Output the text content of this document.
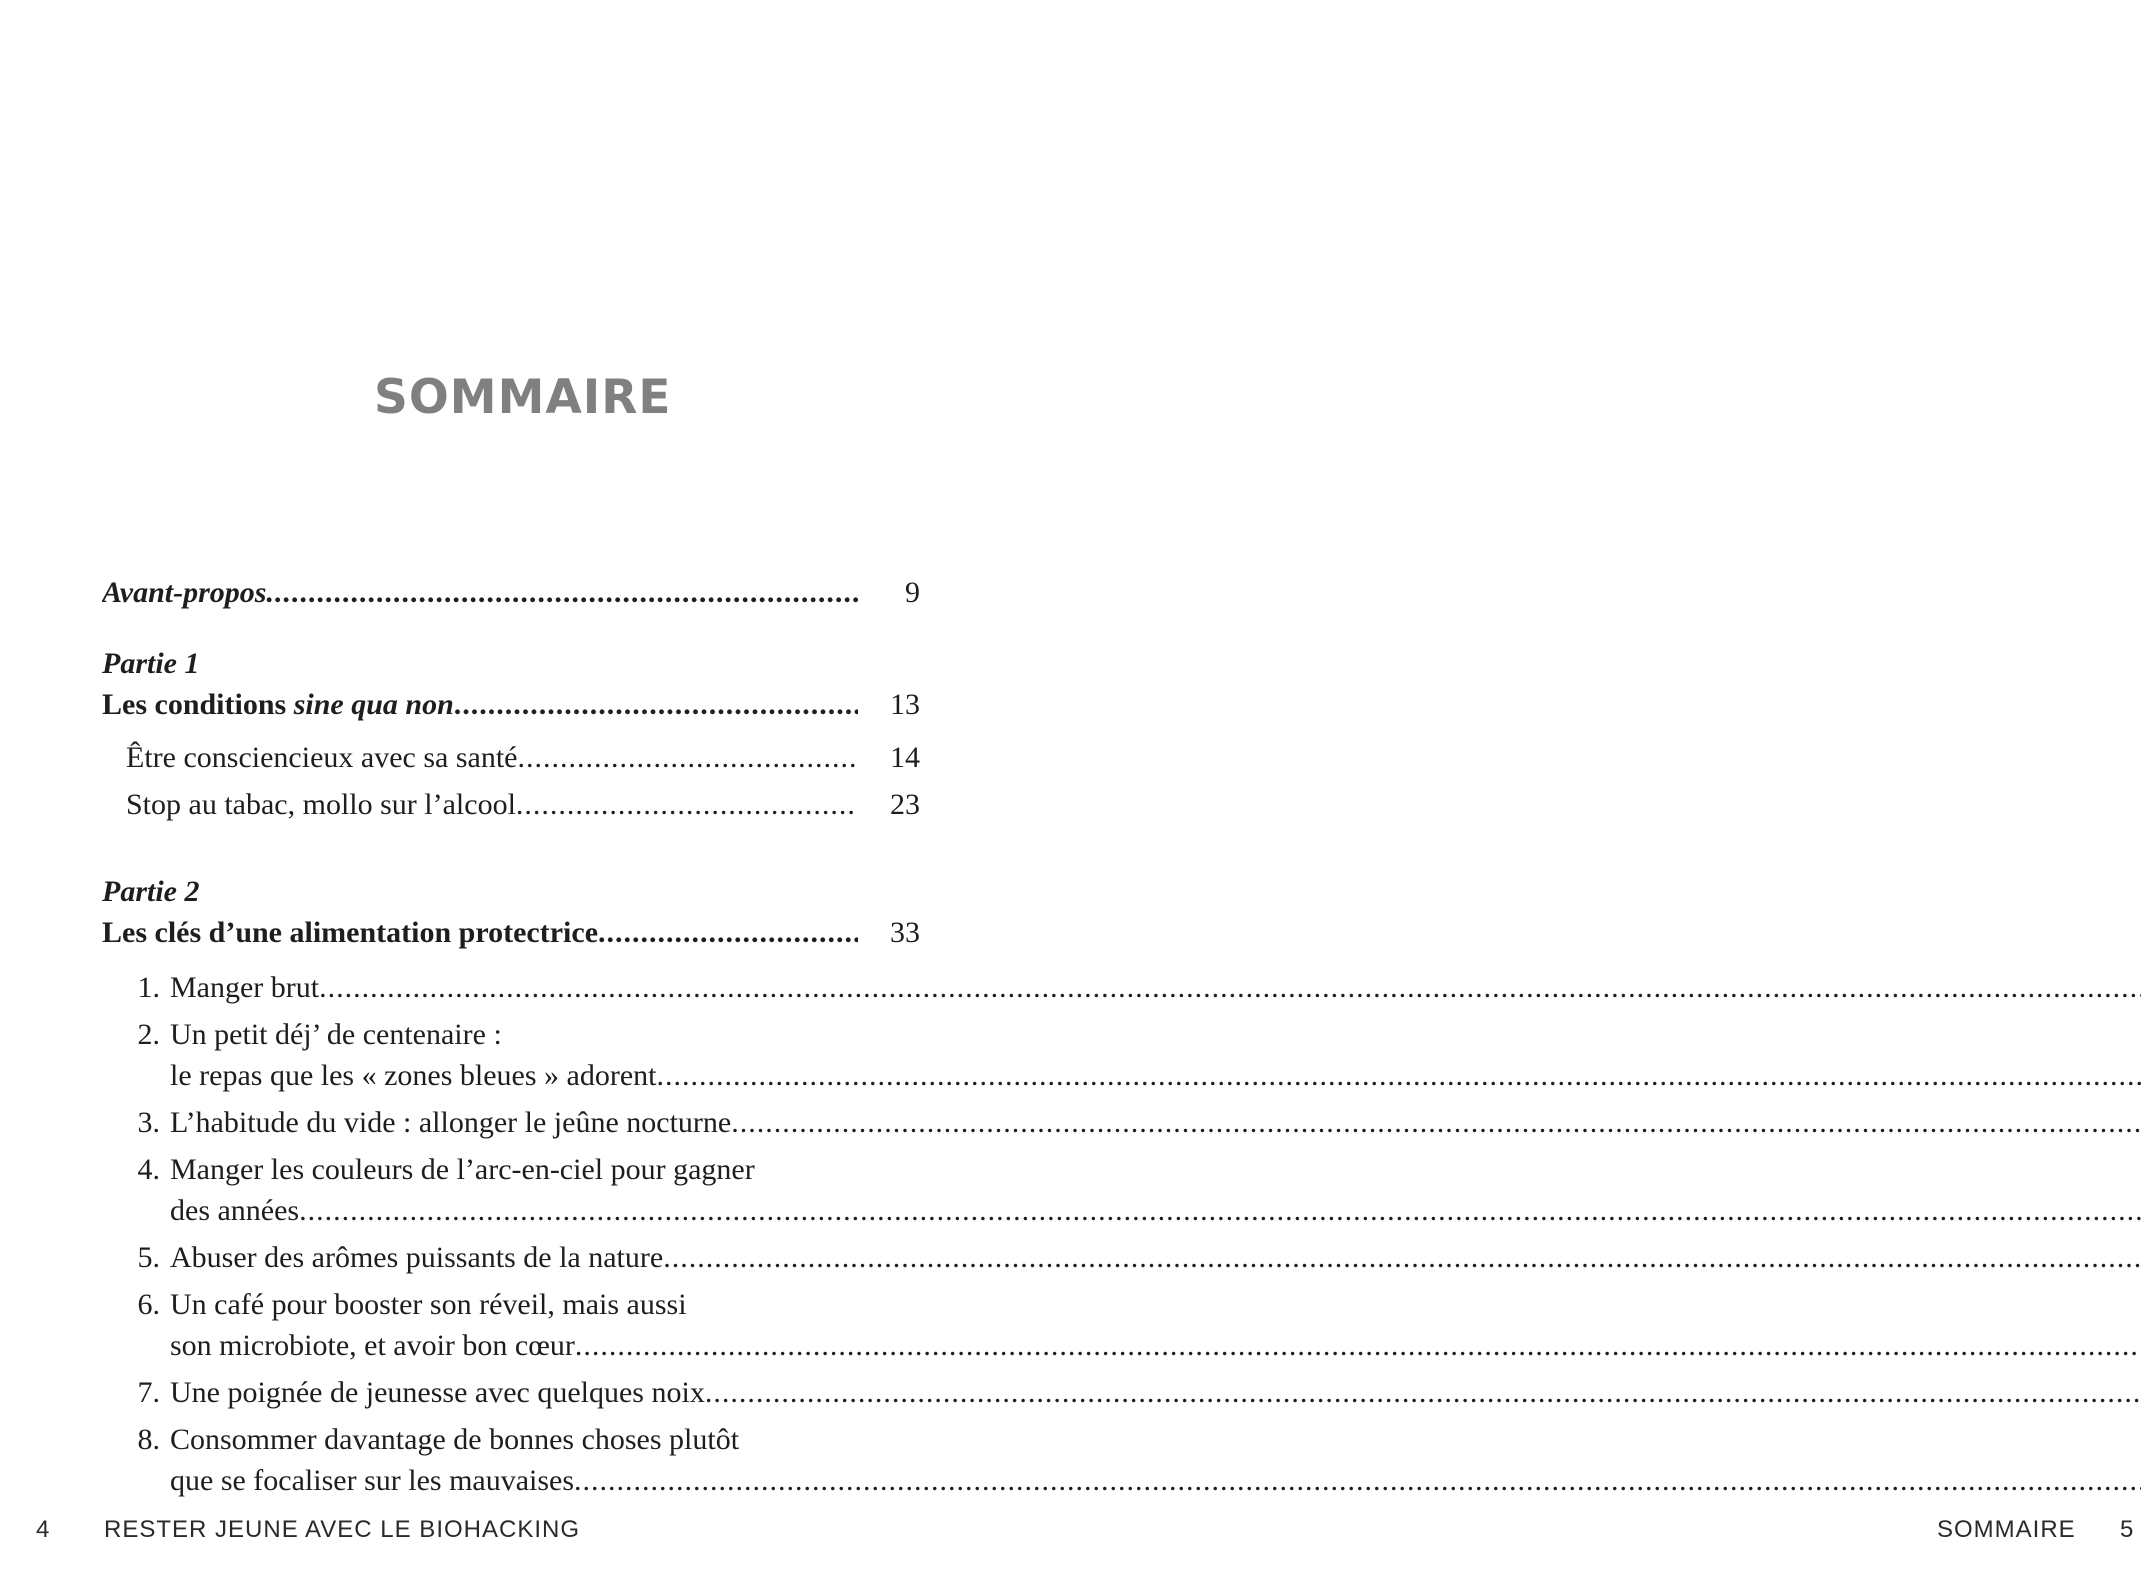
SOMMAIRE
Avant-propos .....	9
Partie 1
Les conditions sine qua non .....	13
Être consciencieux avec sa santé .....	14
Stop au tabac, mollo sur l’alcool .....	23
Partie 2
Les clés d’une alimentation protectrice .....	33
1. Manger brut
.....
2. Un petit déj’ de centenaire :
le repas que les « zones bleues » adorent
.....
3. L’habitude du vide : allonger le jeûne nocturne
.....
4. Manger les couleurs de l’arc-en-ciel pour gagner
des années
.....
5. Abuser des arômes puissants de la nature
.....
6. Un café pour booster son réveil, mais aussi
son microbiote, et avoir bon cœur
.....
7. Une poignée de jeunesse avec quelques noix
.....
8. Consommer davantage de bonnes choses plutôt
que se focaliser sur les mauvaises
.....
4 RESTER JEUNE AVEC LE BIOHACKING	SOMMAIRE 5
